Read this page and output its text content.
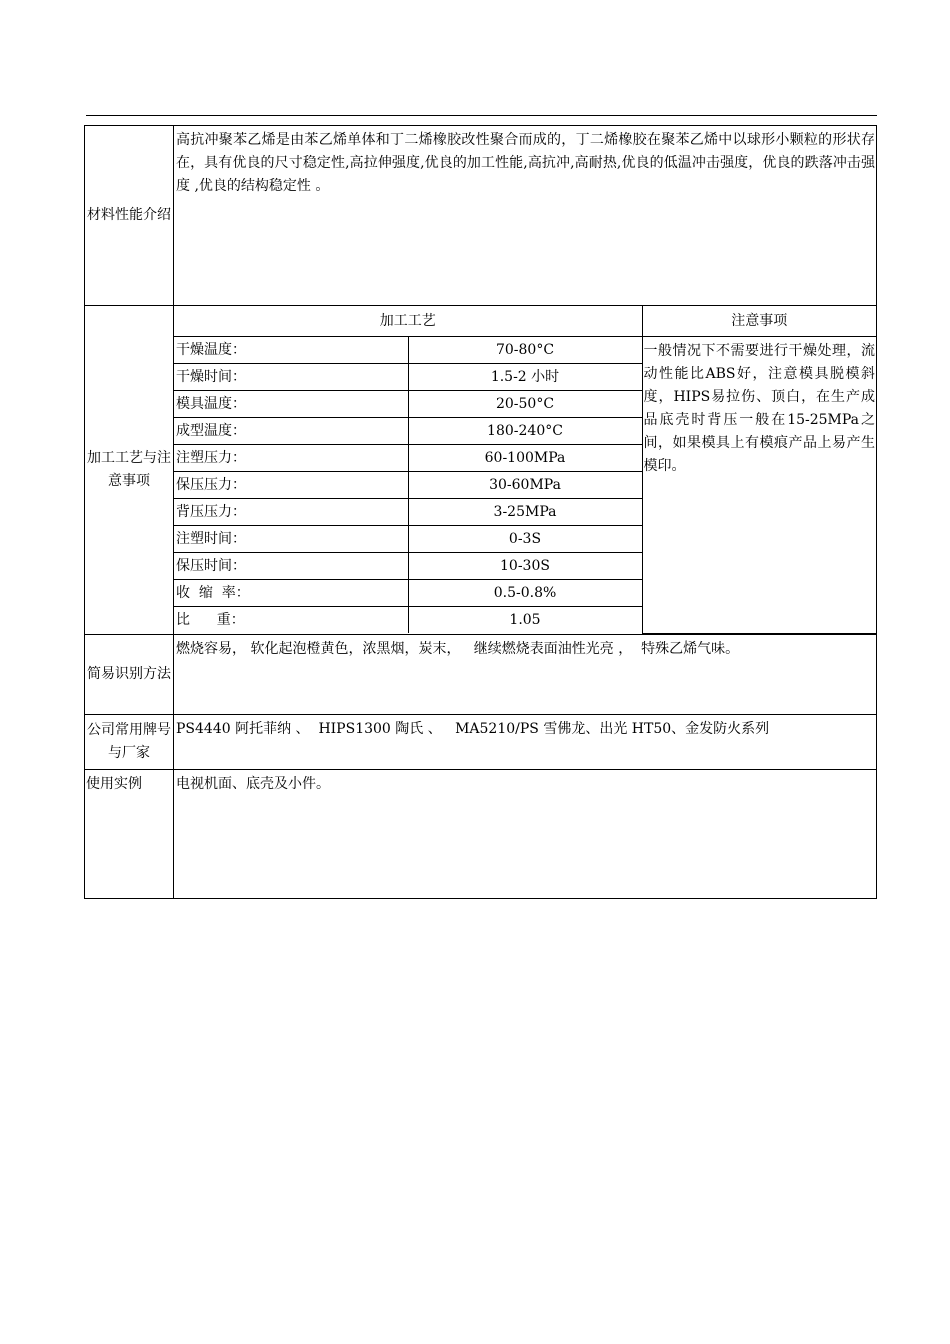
材料性能介绍	高抗冲聚苯乙烯是由苯乙烯单体和丁二烯橡胶改性聚合而成的，丁二烯橡胶在聚苯乙烯中以球形小颗粒的形状存在，具有优良的尺寸稳定性,高拉伸强度,优良的加工性能,高抗冲,高耐热,优良的低温冲击强度，优良的跌落冲击强度 ,优良的结构稳定性 。
加工工艺与注意事项	
加工工艺	注意事项
干燥温度：	70-80°C	一般情况下不需要进行干燥处理，流动性能比ABS好，注意模具脱模斜度，HIPS易拉伤、顶白，在生产成品底壳时背压一般在15-25MPa之间，如果模具上有模痕产品上易产生模印。
干燥时间：	1.5-2 小时
模具温度：	20-50°C
成型温度：	180-240°C
注塑压力：	60-100MPa
保压压力：	30-60MPa
背压压力：	3-25MPa
注塑时间：	0-3S
保压时间：	10-30S
收  缩  率：	0.5-0.8%
比      重：	1.05

简易识别方法	燃烧容易， 软化起泡橙黄色，浓黑烟，炭末，   继续燃烧表面油性光亮 ，  特殊乙烯气味。
公司常用牌号与厂家	PS4440 阿托菲纳 、  HIPS1300 陶氏 、   MA5210/PS 雪佛龙、出光 HT50、金发防火系列
使用实例	电视机面、底壳及小件。
